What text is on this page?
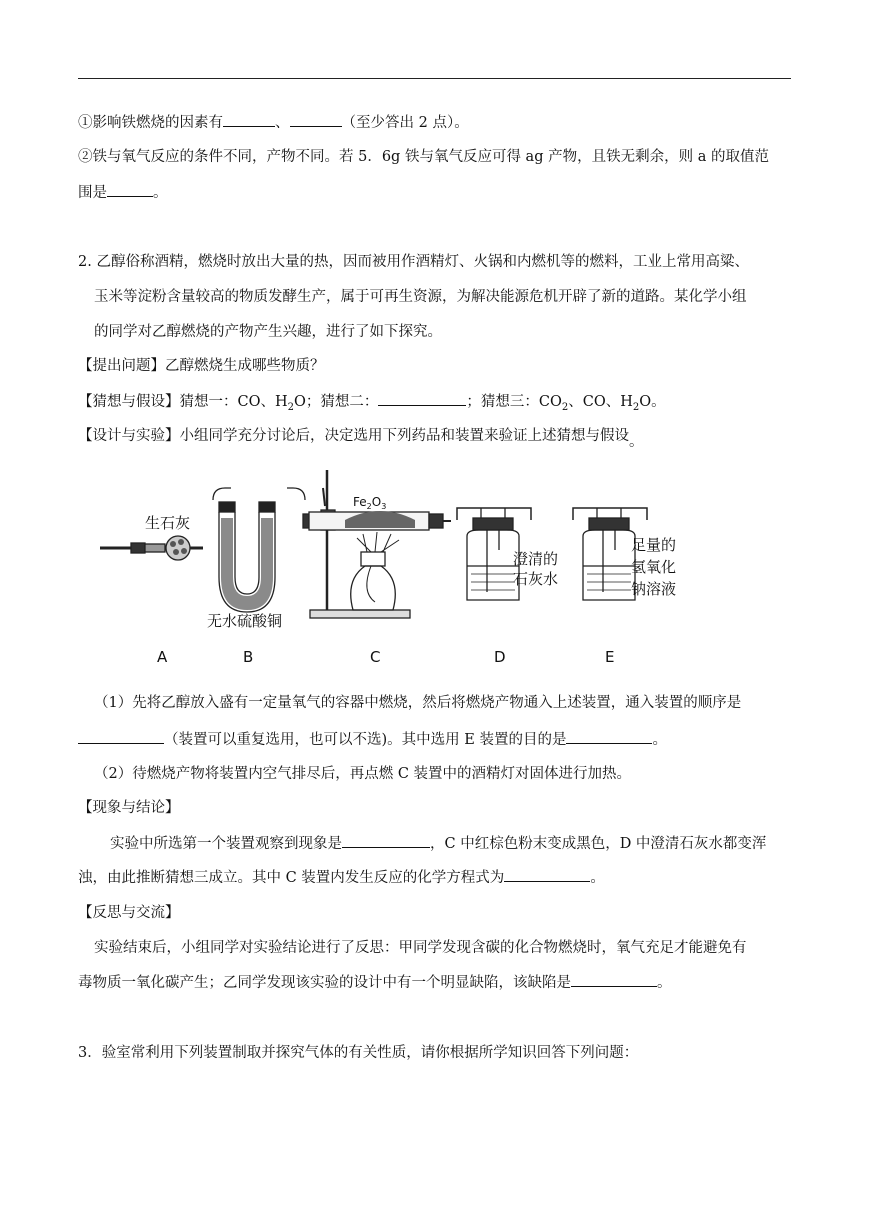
①影响铁燃烧的因素有	、	（至少答出 2 点）。
②铁与氧气反应的条件不同，产物不同。若 5．6g 铁与氧气反应可得 ag 产物，且铁无剩余，则 a 的取值范
围是	。
2. 乙醇俗称酒精，燃烧时放出大量的热，因而被用作酒精灯、火锅和内燃机等的燃料，工业上常用高粱、
玉米等淀粉含量较高的物质发酵生产，属于可再生资源，为解决能源危机开辟了新的道路。某化学小组
的同学对乙醇燃烧的产物产生兴趣，进行了如下探究。
【提出问题】乙醇燃烧生成哪些物质？
【猜想与假设】猜想一：CO、$H_2O$；猜想二：	；猜想三：$CO_2$、CO、$H_2O$。
【设计与实验】小组同学充分讨论后，决定选用下列药品和装置来验证上述猜想与假设。
生石灰
无水硫酸铜
$Fe_2O_3$
澄清的
石灰水
足量的
氢氧化
钠溶液
A	B	C	D	E
（1）先将乙醇放入盛有一定量氧气的容器中燃烧，然后将燃烧产物通入上述装置，通入装置的顺序是
（装置可以重复选用，也可以不选)。其中选用 E 装置的目的是	。
（2）待燃烧产物将装置内空气排尽后，再点燃 C 装置中的酒精灯对固体进行加热。
【现象与结论】
实验中所选第一个装置观察到现象是	，C 中红棕色粉末变成黑色，D 中澄清石灰水都变浑
浊，由此推断猜想三成立。其中 C 装置内发生反应的化学方程式为	。
【反思与交流】
实验结束后，小组同学对实验结论进行了反思：甲同学发现含碳的化合物燃烧时，氧气充足才能避免有
毒物质一氧化碳产生；乙同学发现该实验的设计中有一个明显缺陷，该缺陷是	。
3．验室常利用下列装置制取并探究气体的有关性质，请你根据所学知识回答下列问题：
